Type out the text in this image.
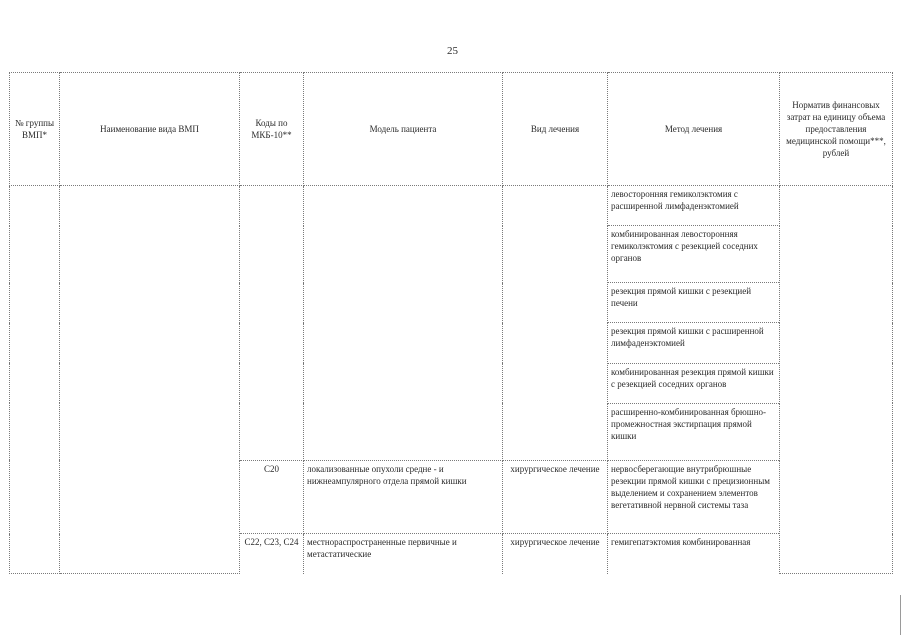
25
№ группы ВМП*	Наименование вида ВМП	Коды по МКБ-10**	Модель пациента	Вид лечения	Метод лечения	Норматив финансовых затрат на единицу объема предоставления медицинской помощи***, рублей
					левосторонняя гемиколэктомия с расширенной лимфаденэктомией	
					комбинированная левосторонняя гемиколэктомия с резекцией соседних органов	
					резекция прямой кишки с резекцией печени	
					резекция прямой кишки с расширенной лимфаденэктомией	
					комбинированная резекция прямой кишки с резекцией соседних органов	
					расширенно-комбинированная брюшно-промежностная экстирпация прямой кишки	
		C20	локализованные опухоли средне - и нижнеампулярного отдела прямой кишки	хирургическое лечение	нервосберегающие внутрибрюшные резекции прямой кишки с прецизионным выделением и сохранением элементов вегетативной нервной системы таза	
		C22, C23, C24	местнораспространенные первичные и метастатические	хирургическое лечение	гемигепатэктомия комбинированная	
